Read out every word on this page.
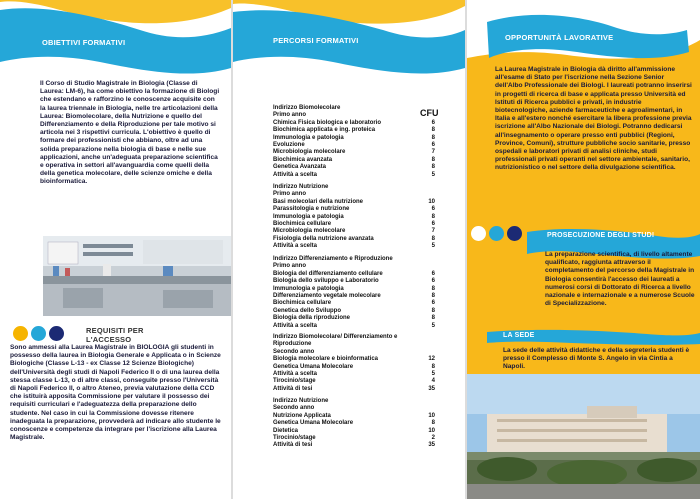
OBIETTIVI FORMATIVI
Il Corso di Studio Magistrale in Biologia (Classe di Laurea: LM-6), ha come obiettivo la formazione di Biologi che estendano e rafforzino le conoscenze acquisite con la laurea triennale in Biologia, nelle tre articolazioni della Laurea: Biomolecolare, della Nutrizione e quello del Differenziamento e della Riproduzione per tale motivo si articola nei 3 rispettivi curricula. L'obiettivo è quello di formare dei professionisti che abbiano, oltre ad una solida preparazione nella biologia di base e nelle sue applicazioni, anche un'adeguata preparazione scientifica e operativa in settori all'avanguardia come quelli della della genetica molecolare, delle scienze omiche e della bioinformatica.
REQUISITI PER L'ACCESSO
Sono ammessi alla Laurea Magistrale in BIOLOGIA gli studenti in possesso della laurea in Biologia Generale e Applicata o in Scienze Biologiche (Classe L-13 - ex Classe 12 Scienze Biologiche) dell'Università degli studi di Napoli Federico II o di una laurea della stessa classe L-13, o di altre classi, conseguite presso l'Università di Napoli Federico II, o altro Ateneo, previa valutazione della CCD che istituirà apposita Commissione per valutare il possesso dei requisiti curriculari e l'adeguatezza della preparazione dello studente. Nel caso in cui la Commissione dovesse ritenere inadeguata la preparazione, provvederà ad indicare allo studente le conoscenze e competenze da integrare per l'iscrizione alla Laurea Magistrale.
PERCORSI FORMATIVI
CFU
Indirizzo Biomolecolare
Primo anno
Chimica Fisica biologica e laboratorio	6
Biochimica applicata e ing. proteica	8
Immunologia e patologia	8
Evoluzione	6
Microbiologia molecolare	7
Biochimica avanzata	8
Genetica Avanzata	8
Attività a scelta	5
Indirizzo Nutrizione
Primo anno
Basi molecolari della nutrizione	10
Parassitologia e nutrizione	6
Immunologia e patologia	8
Biochimica cellulare	6
Microbiologia molecolare	7
Fisiologia della nutrizione avanzata	8
Attività a scelta	5
Indirizzo Differenziamento e Riproduzione
Primo anno
Biologia del differenziamento cellulare	6
Biologia dello sviluppo e Laboratorio	6
Immunologia e patologia	8
Differenziamento vegetale molecolare	8
Biochimica cellulare	6
Genetica dello Sviluppo	8
Biologia della riproduzione	8
Attività a scelta	5
Indirizzo Biomolecolare/ Differenziamento e Riproduzione
Secondo anno
Biologia molecolare e bioinformatica	12
Genetica Umana Molecolare	8
Attività a scelta	5
Tirocinio/stage	4
Attività di tesi	35
Indirizzo Nutrizione
Secondo anno
Nutrizione Applicata	10
Genetica Umana Molecolare	8
Dietetica	10
Tirocinio/stage	2
Attività di tesi	35
OPPORTUNITÀ LAVORATIVE
La Laurea Magistrale in Biologia dà diritto all'ammissione all'esame di Stato per l'iscrizione nella Sezione Senior dell'Albo Professionale dei Biologi. I laureati potranno inserirsi in progetti di ricerca di base e applicata presso Università ed Istituti di Ricerca pubblici e privati, in industrie biotecnologiche, aziende farmaceutiche e agroalimentari, in Italia e all'estero nonché esercitare la libera professione previa iscrizione all'Albo Nazionale dei Biologi. Potranno dedicarsi all'insegnamento o operare presso enti pubblici (Regioni, Province, Comuni), strutture pubbliche socio sanitarie, presso ospedali e laboratori privati di analisi cliniche, studi professionali privati operanti nel settore ambientale, sanitario, nutrizionistico o nel settore della divulgazione scientifica.
PROSECUZIONE DEGLI STUDI
La preparazione scientifica, di livello altamente qualificato, raggiunta attraverso il completamento del percorso della Magistrale in Biologia consentirà l'accesso dei laureati a numerosi corsi di Dottorato di Ricerca a livello nazionale e internazionale e a numerose Scuole di Specializzazione.
LA SEDE
La sede delle attività didattiche e della segreteria studenti è presso il Complesso di Monte S. Angelo in via Cintia a Napoli.
